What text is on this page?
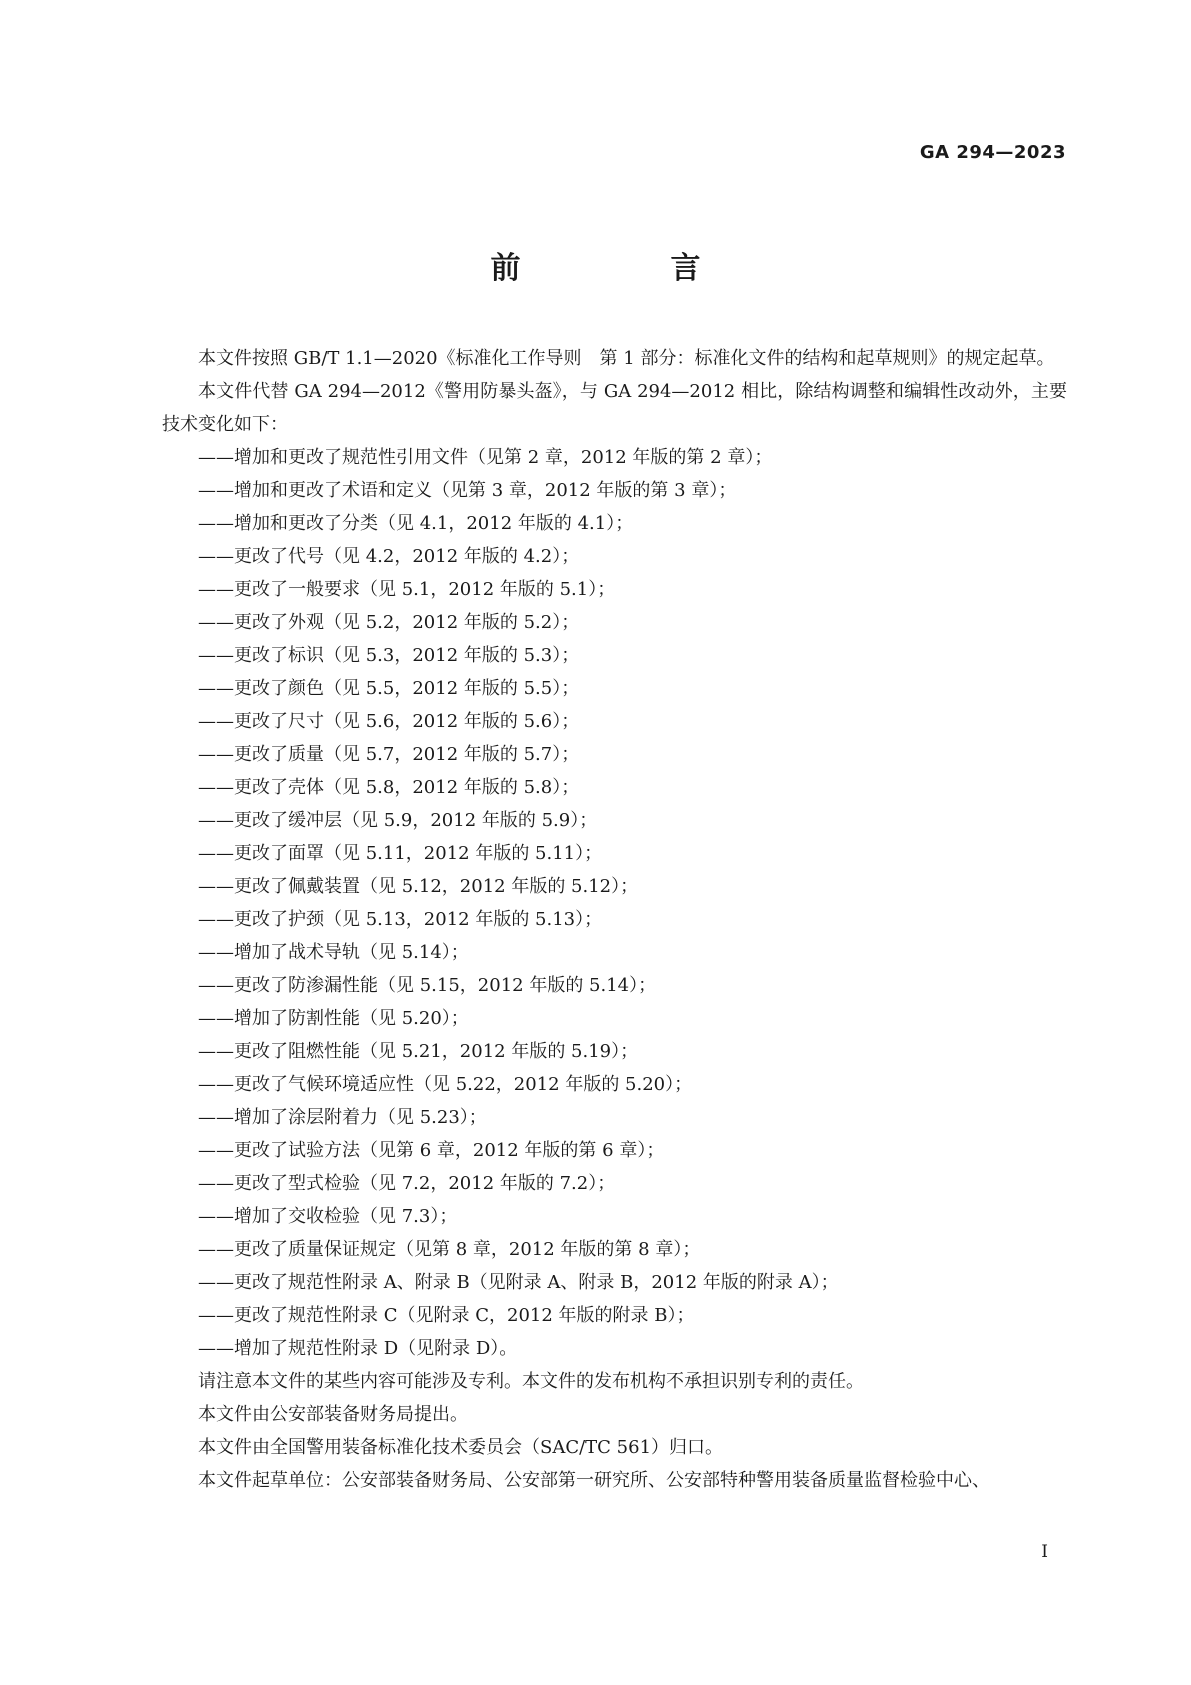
GA 294—2023
前　言

本文件按照 GB/T 1.1—2020《标准化工作导则　第 1 部分：标准化文件的结构和起草规则》的规定起草。

本文件代替 GA 294—2012《警用防暴头盔》，与 GA 294—2012 相比，除结构调整和编辑性改动外，主要技术变化如下：

——增加和更改了规范性引用文件（见第 2 章，2012 年版的第 2 章）；
——增加和更改了术语和定义（见第 3 章，2012 年版的第 3 章）；
——增加和更改了分类（见 4.1，2012 年版的 4.1）；
——更改了代号（见 4.2，2012 年版的 4.2）；
——更改了一般要求（见 5.1，2012 年版的 5.1）；
——更改了外观（见 5.2，2012 年版的 5.2）；
——更改了标识（见 5.3，2012 年版的 5.3）；
——更改了颜色（见 5.5，2012 年版的 5.5）；
——更改了尺寸（见 5.6，2012 年版的 5.6）；
——更改了质量（见 5.7，2012 年版的 5.7）；
——更改了壳体（见 5.8，2012 年版的 5.8）；
——更改了缓冲层（见 5.9，2012 年版的 5.9）；
——更改了面罩（见 5.11，2012 年版的 5.11）；
——更改了佩戴装置（见 5.12，2012 年版的 5.12）；
——更改了护颈（见 5.13，2012 年版的 5.13）；
——增加了战术导轨（见 5.14）；
——更改了防渗漏性能（见 5.15，2012 年版的 5.14）；
——增加了防割性能（见 5.20）；
——更改了阻燃性能（见 5.21，2012 年版的 5.19）；
——更改了气候环境适应性（见 5.22，2012 年版的 5.20）；
——增加了涂层附着力（见 5.23）；
——更改了试验方法（见第 6 章，2012 年版的第 6 章）；
——更改了型式检验（见 7.2，2012 年版的 7.2）；
——增加了交收检验（见 7.3）；
——更改了质量保证规定（见第 8 章，2012 年版的第 8 章）；
——更改了规范性附录 A、附录 B（见附录 A、附录 B，2012 年版的附录 A）；
——更改了规范性附录 C（见附录 C，2012 年版的附录 B）；
——增加了规范性附录 D（见附录 D）。

请注意本文件的某些内容可能涉及专利。本文件的发布机构不承担识别专利的责任。

本文件由公安部装备财务局提出。

本文件由全国警用装备标准化技术委员会（SAC/TC 561）归口。

本文件起草单位：公安部装备财务局、公安部第一研究所、公安部特种警用装备质量监督检验中心、

I
